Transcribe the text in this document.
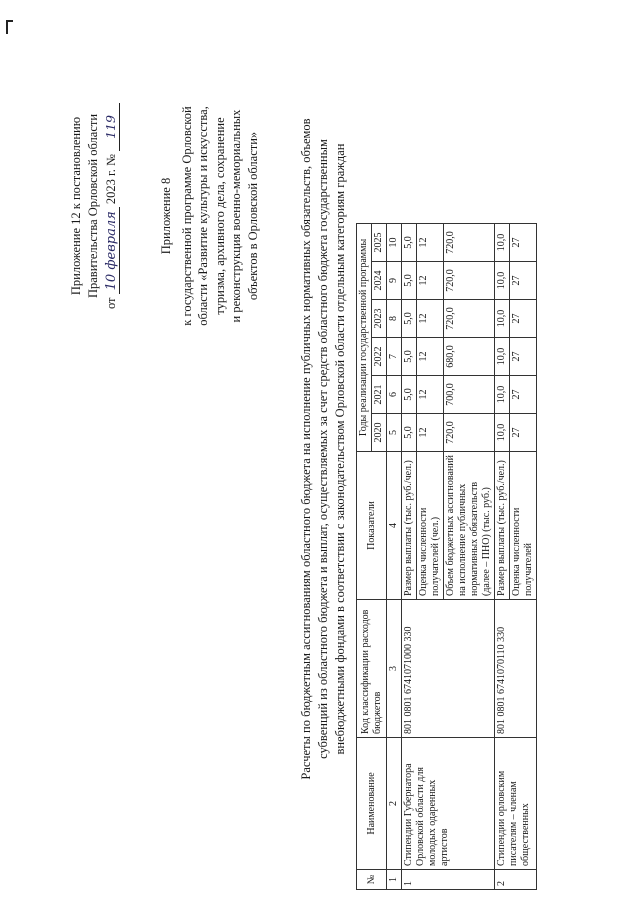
Приложение 12 к постановлению Правительства Орловской области
от 10 февраля 2023 г. № 119
Приложение 8 к государственной программе Орловской области «Развитие культуры и искусства, туризма, архивного дела, сохранение и реконструкция военно-мемориальных объектов в Орловской области»	Расчеты по бюджетным ассигнованиям областного бюджета на исполнение публичных нормативных обязательств, объемов субвенций из областного бюджета и выплат, осуществляемых за счет средств областного бюджета государственным внебюджетными фондами в соответствии с законодательством Орловской области отдельным категориям граждан
№	Наименование	Код классификации расходов бюджетов	Показатели	Годы реализации государственной программы					
				2020	2021	2022	2023	2024	2025
1	2	3	4	5	6	7	8	9	10
1	Стипендии Губернатора Орловской области для молодых одаренных артистов	801 0801 6741071000 330	Размер выплаты (тыс. руб./чел.)	5,0	5,0	5,0	5,0	5,0	5,0
			Оценка численности получателей (чел.)	12	12	12	12	12	12
			Объем бюджетных ассигнований на исполнение публичных нормативных обязательств (далее – ПНО) (тыс. руб.)	720,0	700,0	680,0	720,0	720,0	720,0
2	Стипендии орловским писателям – членам общественных	801 0801 6741070110 330	Размер выплаты (тыс. руб./чел.)	10,0	10,0	10,0	10,0	10,0	10,0
			Оценка численности получателей	27	27	27	27	27	27
